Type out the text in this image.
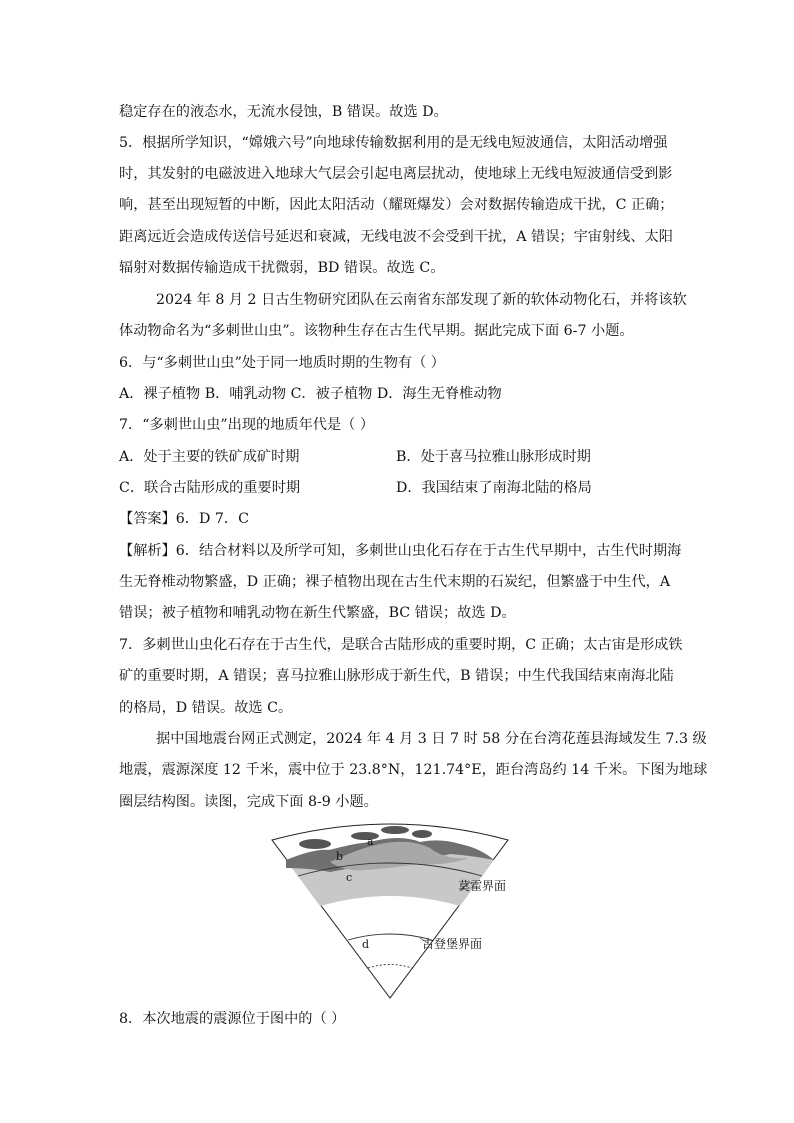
稳定存在的液态水，无流水侵蚀，B 错误。故选 D。
5．根据所学知识，“嫦娥六号”向地球传输数据利用的是无线电短波通信，太阳活动增强
时，其发射的电磁波进入地球大气层会引起电离层扰动，使地球上无线电短波通信受到影
响，甚至出现短暂的中断，因此太阳活动（耀斑爆发）会对数据传输造成干扰，C 正确；
距离远近会造成传送信号延迟和衰减，无线电波不会受到干扰，A 错误；宇宙射线、太阳
辐射对数据传输造成干扰微弱，BD 错误。故选 C。
2024 年 8 月 2 日古生物研究团队在云南省东部发现了新的软体动物化石，并将该软
体动物命名为“多刺世山虫”。该物种生存在古生代早期。据此完成下面 6-7 小题。
6．与“多刺世山虫”处于同一地质时期的生物有（ ）
A．裸子植物 B．哺乳动物 C．被子植物 D．海生无脊椎动物
7．“多刺世山虫”出现的地质年代是（ ）
A．处于主要的铁矿成矿时期	B．处于喜马拉雅山脉形成时期
C．联合古陆形成的重要时期	D．我国结束了南海北陆的格局
【答案】6．D 7．C
【解析】6．结合材料以及所学可知，多刺世山虫化石存在于古生代早期中，古生代时期海
生无脊椎动物繁盛，D 正确；裸子植物出现在古生代末期的石炭纪，但繁盛于中生代，A
错误；被子植物和哺乳动物在新生代繁盛，BC 错误；故选 D。
7．多刺世山虫化石存在于古生代，是联合古陆形成的重要时期，C 正确；太古宙是形成铁
矿的重要时期，A 错误；喜马拉雅山脉形成于新生代，B 错误；中生代我国结束南海北陆
的格局，D 错误。故选 C。
据中国地震台网正式测定，2024 年 4 月 3 日 7 时 58 分在台湾花莲县海域发生 7.3 级
地震，震源深度 12 千米，震中位于 23.8°N，121.74°E，距台湾岛约 14 千米。下图为地球
圈层结构图。读图，完成下面 8-9 小题。
a
b
c
d
莫霍界面
古登堡界面
8．本次地震的震源位于图中的（ ）
